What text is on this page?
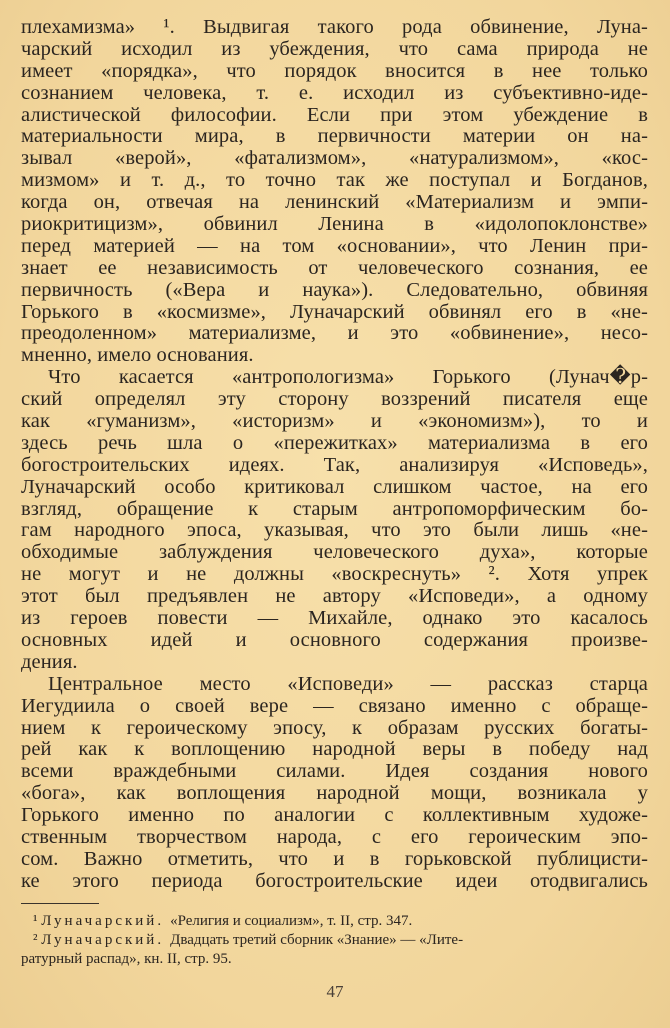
плехамизма» ¹. Выдвигая такого рода обвинение, Луна-
чарский исходил из убеждения, что сама природа не
имеет «порядка», что порядок вносится в нее только
сознанием человека, т. е. исходил из субъективно-иде-
алистической философии. Если при этом убеждение в
материальности мира, в первичности материи он на-
зывал «верой», «фатализмом», «натурализмом», «кос-
мизмом» и т. д., то точно так же поступал и Богданов,
когда он, отвечая на ленинский «Материализм и эмпи-
риокритицизм», обвинил Ленина в «идолопоклонстве»
перед материей — на том «основании», что Ленин при-
знает ее независимость от человеческого сознания, ее
первичность («Вера и наука»). Следовательно, обвиняя
Горького в «космизме», Луначарский обвинял его в «не-
преодоленном» материализме, и это «обвинение», несо-
мненно, имело основания.
Что касается «антропологизма» Горького (Лунач�р-
ский определял эту сторону воззрений писателя еще
как «гуманизм», «историзм» и «экономизм»), то и
здесь речь шла о «пережитках» материализма в его
богостроительских идеях. Так, анализируя «Исповедь»,
Луначарский особо критиковал слишком частое, на его
взгляд, обращение к старым антропоморфическим бо-
гам народного эпоса, указывая, что это были лишь «не-
обходимые заблуждения человеческого духа», которые
не могут и не должны «воскреснуть» ². Хотя упрек
этот был предъявлен не автору «Исповеди», а одному
из героев повести — Михайле, однако это касалось
основных идей и основного содержания произве-
дения.
Центральное место «Исповеди» — рассказ старца
Иегудиила о своей вере — связано именно с обраще-
нием к героическому эпосу, к образам русских богаты-
рей как к воплощению народной веры в победу над
всеми враждебными силами. Идея создания нового
«бога», как воплощения народной мощи, возникала у
Горького именно по аналогии с коллективным художе-
ственным творчеством народа, с его героическим эпо-
сом. Важно отметить, что и в горьковской публицисти-
ке этого периода богостроительские идеи отодвигались
¹ Луначарский. «Религия и социализм», т. II, стр. 347.
² Луначарский. Двадцать третий сборник «Знание» — «Лите-
ратурный распад», кн. II, стр. 95.
47
